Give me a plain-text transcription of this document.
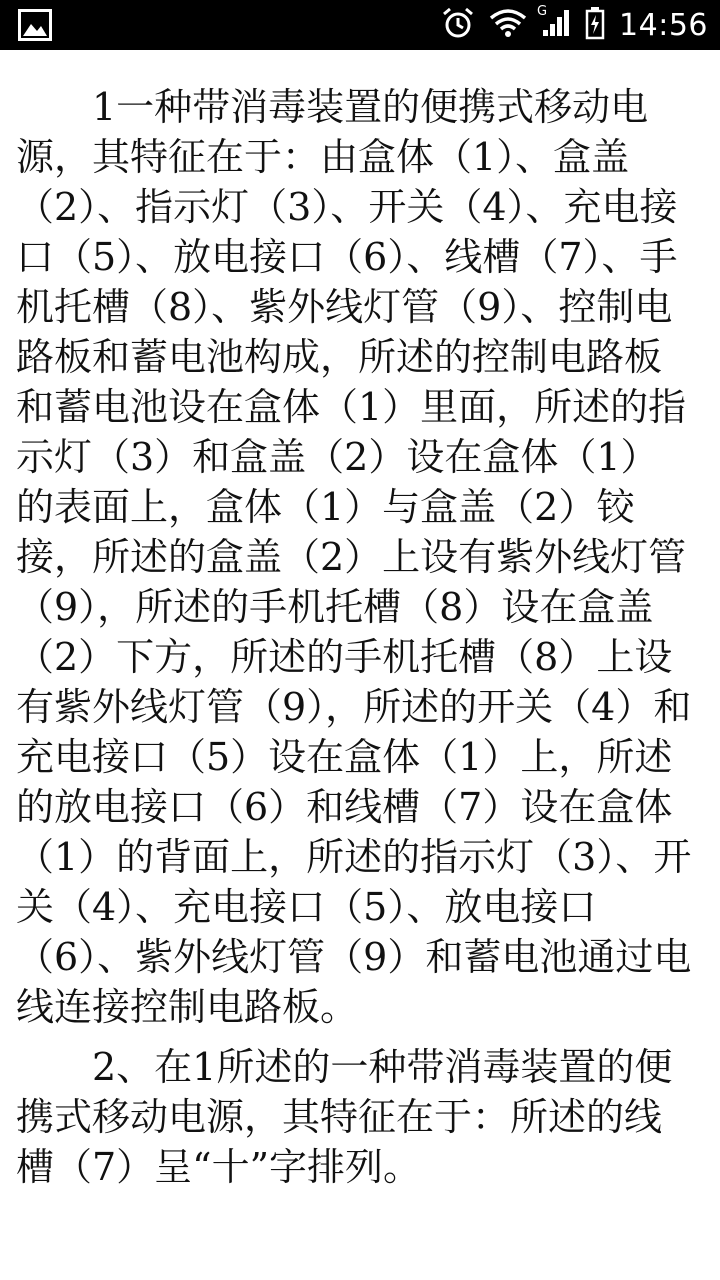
G 14:56

1一种带消毒装置的便携式移动电源，其特征在于：由盒体（1）、盒盖（2）、指示灯（3）、开关（4）、充电接口（5）、放电接口（6）、线槽（7）、手机托槽（8）、紫外线灯管（9）、控制电路板和蓄电池构成，所述的控制电路板和蓄电池设在盒体（1）里面，所述的指示灯（3）和盒盖（2）设在盒体（1）的表面上，盒体（1）与盒盖（2）铰接，所述的盒盖（2）上设有紫外线灯管（9），所述的手机托槽（8）设在盒盖（2）下方，所述的手机托槽（8）上设有紫外线灯管（9），所述的开关（4）和充电接口（5）设在盒体（1）上，所述的放电接口（6）和线槽（7）设在盒体（1）的背面上，所述的指示灯（3）、开关（4）、充电接口（5）、放电接口（6）、紫外线灯管（9）和蓄电池通过电线连接控制电路板。

2、在1所述的一种带消毒装置的便携式移动电源，其特征在于：所述的线槽（7）呈“十”字排列。
